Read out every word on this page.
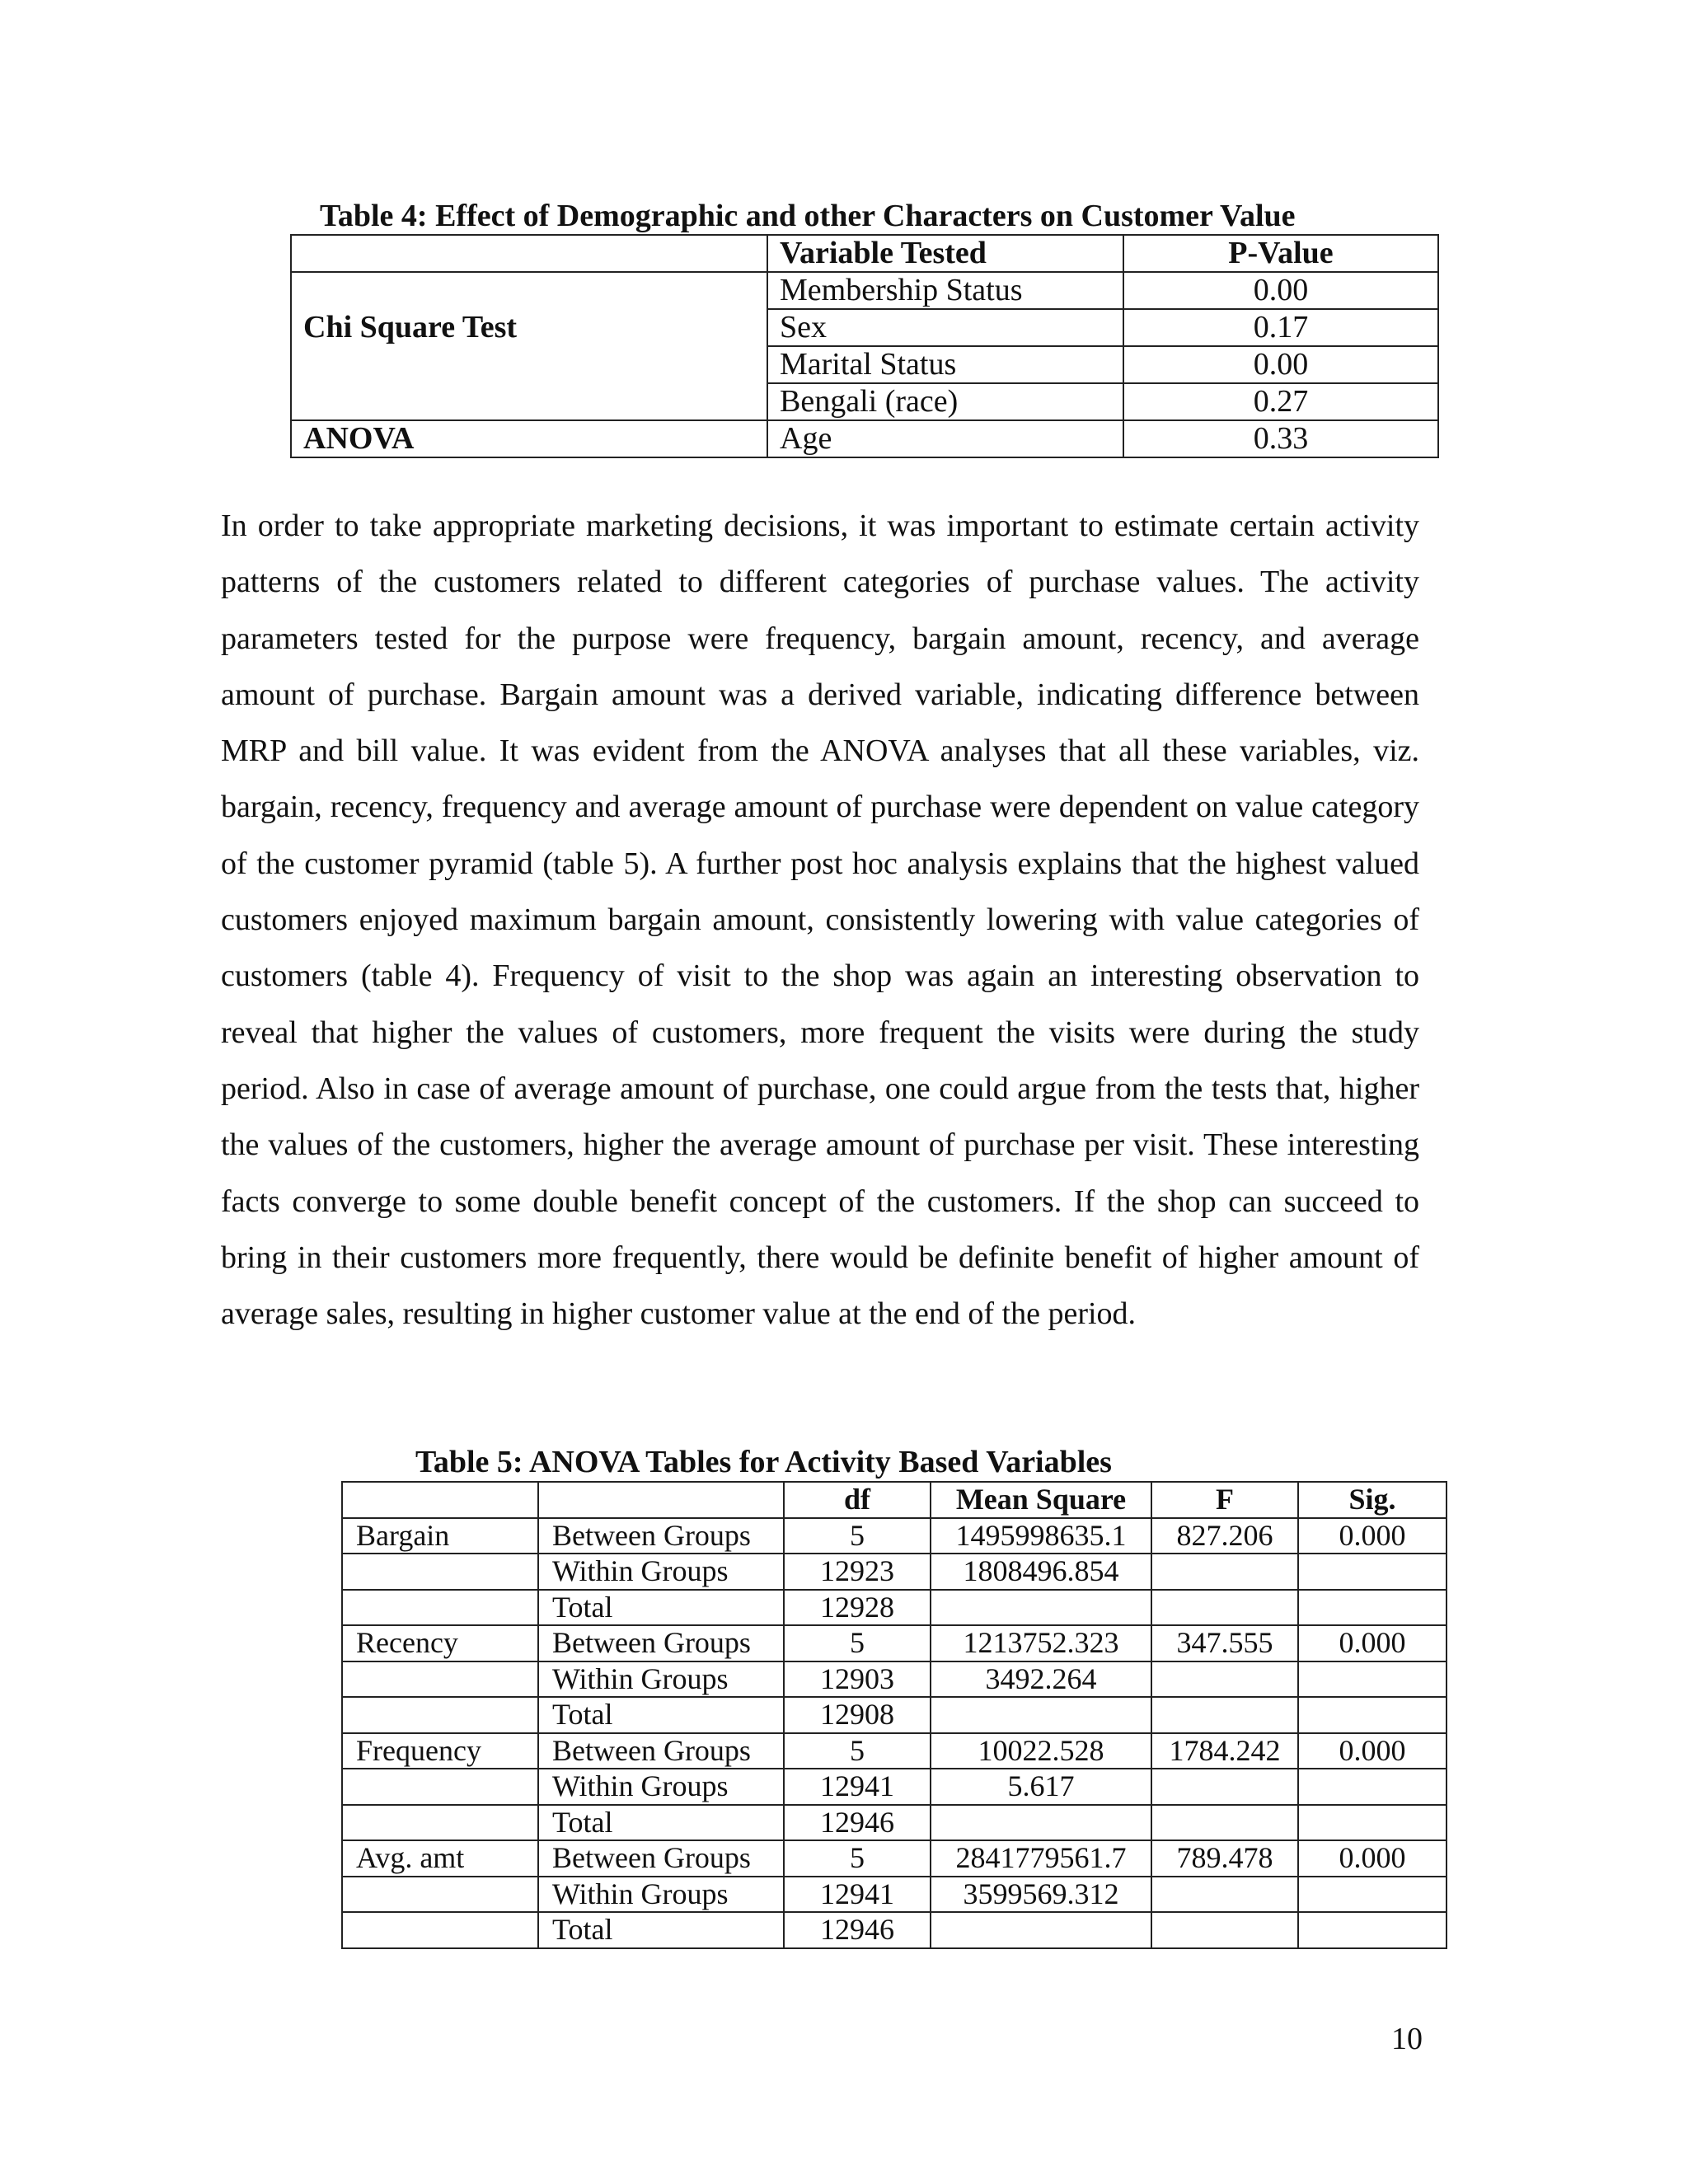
Table 4: Effect of Demographic and other Characters on Customer Value
	Variable Tested	P-Value
	Membership Status	0.00
Chi Square Test	Sex	0.17
	Marital Status	0.00
	Bengali (race)	0.27
ANOVA	Age	0.33

In order to take appropriate marketing decisions, it was important to estimate certain activity patterns of the customers related to different categories of purchase values. The activity parameters tested for the purpose were frequency, bargain amount, recency, and average amount of purchase. Bargain amount was a derived variable, indicating difference between MRP and bill value. It was evident from the ANOVA analyses that all these variables, viz. bargain, recency, frequency and average amount of purchase were dependent on value category of the customer pyramid (table 5). A further post hoc analysis explains that the highest valued customers enjoyed maximum bargain amount, consistently lowering with value categories of customers (table 4). Frequency of visit to the shop was again an interesting observation to reveal that higher the values of customers, more frequent the visits were during the study period. Also in case of average amount of purchase, one could argue from the tests that, higher the values of the customers, higher the average amount of purchase per visit. These interesting facts converge to some double benefit concept of the customers. If the shop can succeed to bring in their customers more frequently, there would be definite benefit of higher amount of average sales, resulting in higher customer value at the end of the period.

Table 5: ANOVA Tables for Activity Based Variables
		df	Mean Square	F	Sig.
Bargain	Between Groups	5	1495998635.1	827.206	0.000
	Within Groups	12923	1808496.854		
	Total	12928			
Recency	Between Groups	5	1213752.323	347.555	0.000
	Within Groups	12903	3492.264		
	Total	12908			
Frequency	Between Groups	5	10022.528	1784.242	0.000
	Within Groups	12941	5.617		
	Total	12946			
Avg. amt	Between Groups	5	2841779561.7	789.478	0.000
	Within Groups	12941	3599569.312		
	Total	12946			
10
